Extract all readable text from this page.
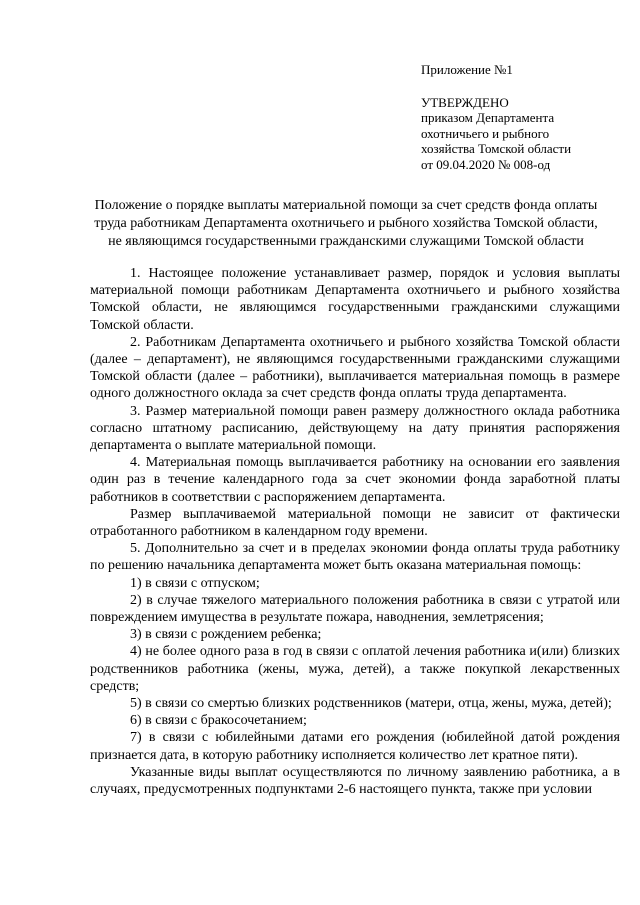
Приложение №1
УТВЕРЖДЕНО
приказом Департамента
охотничьего и рыбного
хозяйства Томской области
от 09.04.2020 № 008-од
Положение о порядке выплаты материальной помощи за счет средств фонда оплаты
труда работникам Департамента охотничьего и рыбного хозяйства Томской области,
не являющимся государственными гражданскими служащими Томской области

1. Настоящее положение устанавливает размер, порядок и условия выплаты материальной помощи работникам Департамента охотничьего и рыбного хозяйства Томской области, не являющимся государственными гражданскими служащими Томской области.

2. Работникам Департамента охотничьего и рыбного хозяйства Томской области (далее – департамент), не являющимся государственными гражданскими служащими Томской области (далее – работники), выплачивается материальная помощь в размере одного должностного оклада за счет средств фонда оплаты труда департамента.

3. Размер материальной помощи равен размеру должностного оклада работника согласно штатному расписанию, действующему на дату принятия распоряжения департамента о выплате материальной помощи.

4. Материальная помощь выплачивается работнику на основании его заявления один раз в течение календарного года за счет экономии фонда заработной платы работников в соответствии с распоряжением департамента.

Размер выплачиваемой материальной помощи не зависит от фактически отработанного работником в календарном году времени.

5. Дополнительно за счет и в пределах экономии фонда оплаты труда работнику по решению начальника департамента может быть оказана материальная помощь:

1) в связи с отпуском;

2) в случае тяжелого материального положения работника в связи с утратой или повреждением имущества в результате пожара, наводнения, землетрясения;

3) в связи с рождением ребенка;

4) не более одного раза в год в связи с оплатой лечения работника и(или) близких родственников работника (жены, мужа, детей), а также покупкой лекарственных средств;

5) в связи со смертью близких родственников (матери, отца, жены, мужа, детей);

6) в связи с бракосочетанием;

7) в связи с юбилейными датами его рождения (юбилейной датой рождения признается дата, в которую работнику исполняется количество лет кратное пяти).

Указанные виды выплат осуществляются по личному заявлению работника, а в случаях, предусмотренных подпунктами 2-6 настоящего пункта, также при условии
